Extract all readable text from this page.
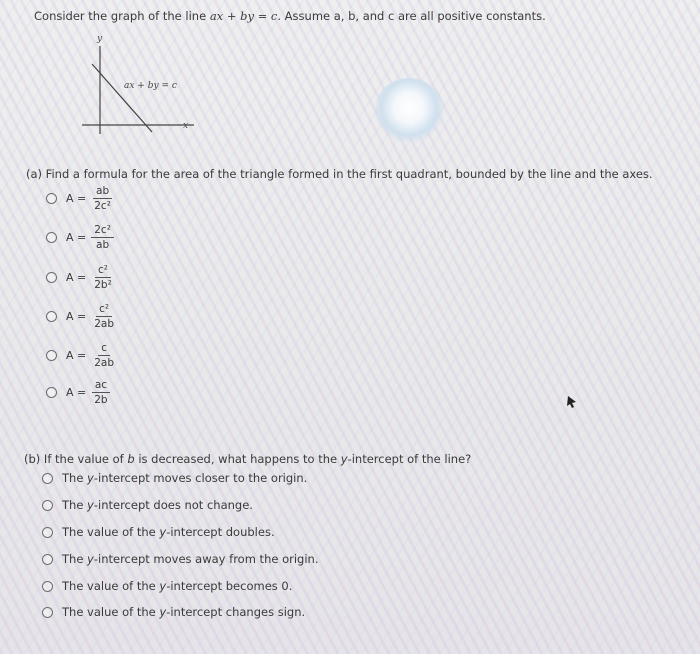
Consider the graph of the line ax + by = c. Assume a, b, and c are all positive constants.
y
x
ax + by = c
(a) Find a formula for the area of the triangle formed in the first quadrant, bounded by the line and the axes.
$A = \frac{ab}{\text{2c²}}$
$A = \frac{\text{2c²}}{ab}$
$A = \frac{\text{c²}}{\text{2b²}}$
$A = \frac{\text{c²}}{2ab}$
$A = \frac{c}{2ab}$
$A = \frac{ac}{2b}$
(b) If the value of b is decreased, what happens to the y-intercept of the line?
The y-intercept moves closer to the origin.
The y-intercept does not change.
The value of the y-intercept doubles.
The y-intercept moves away from the origin.
The value of the y-intercept becomes 0.
The value of the y-intercept changes sign.
